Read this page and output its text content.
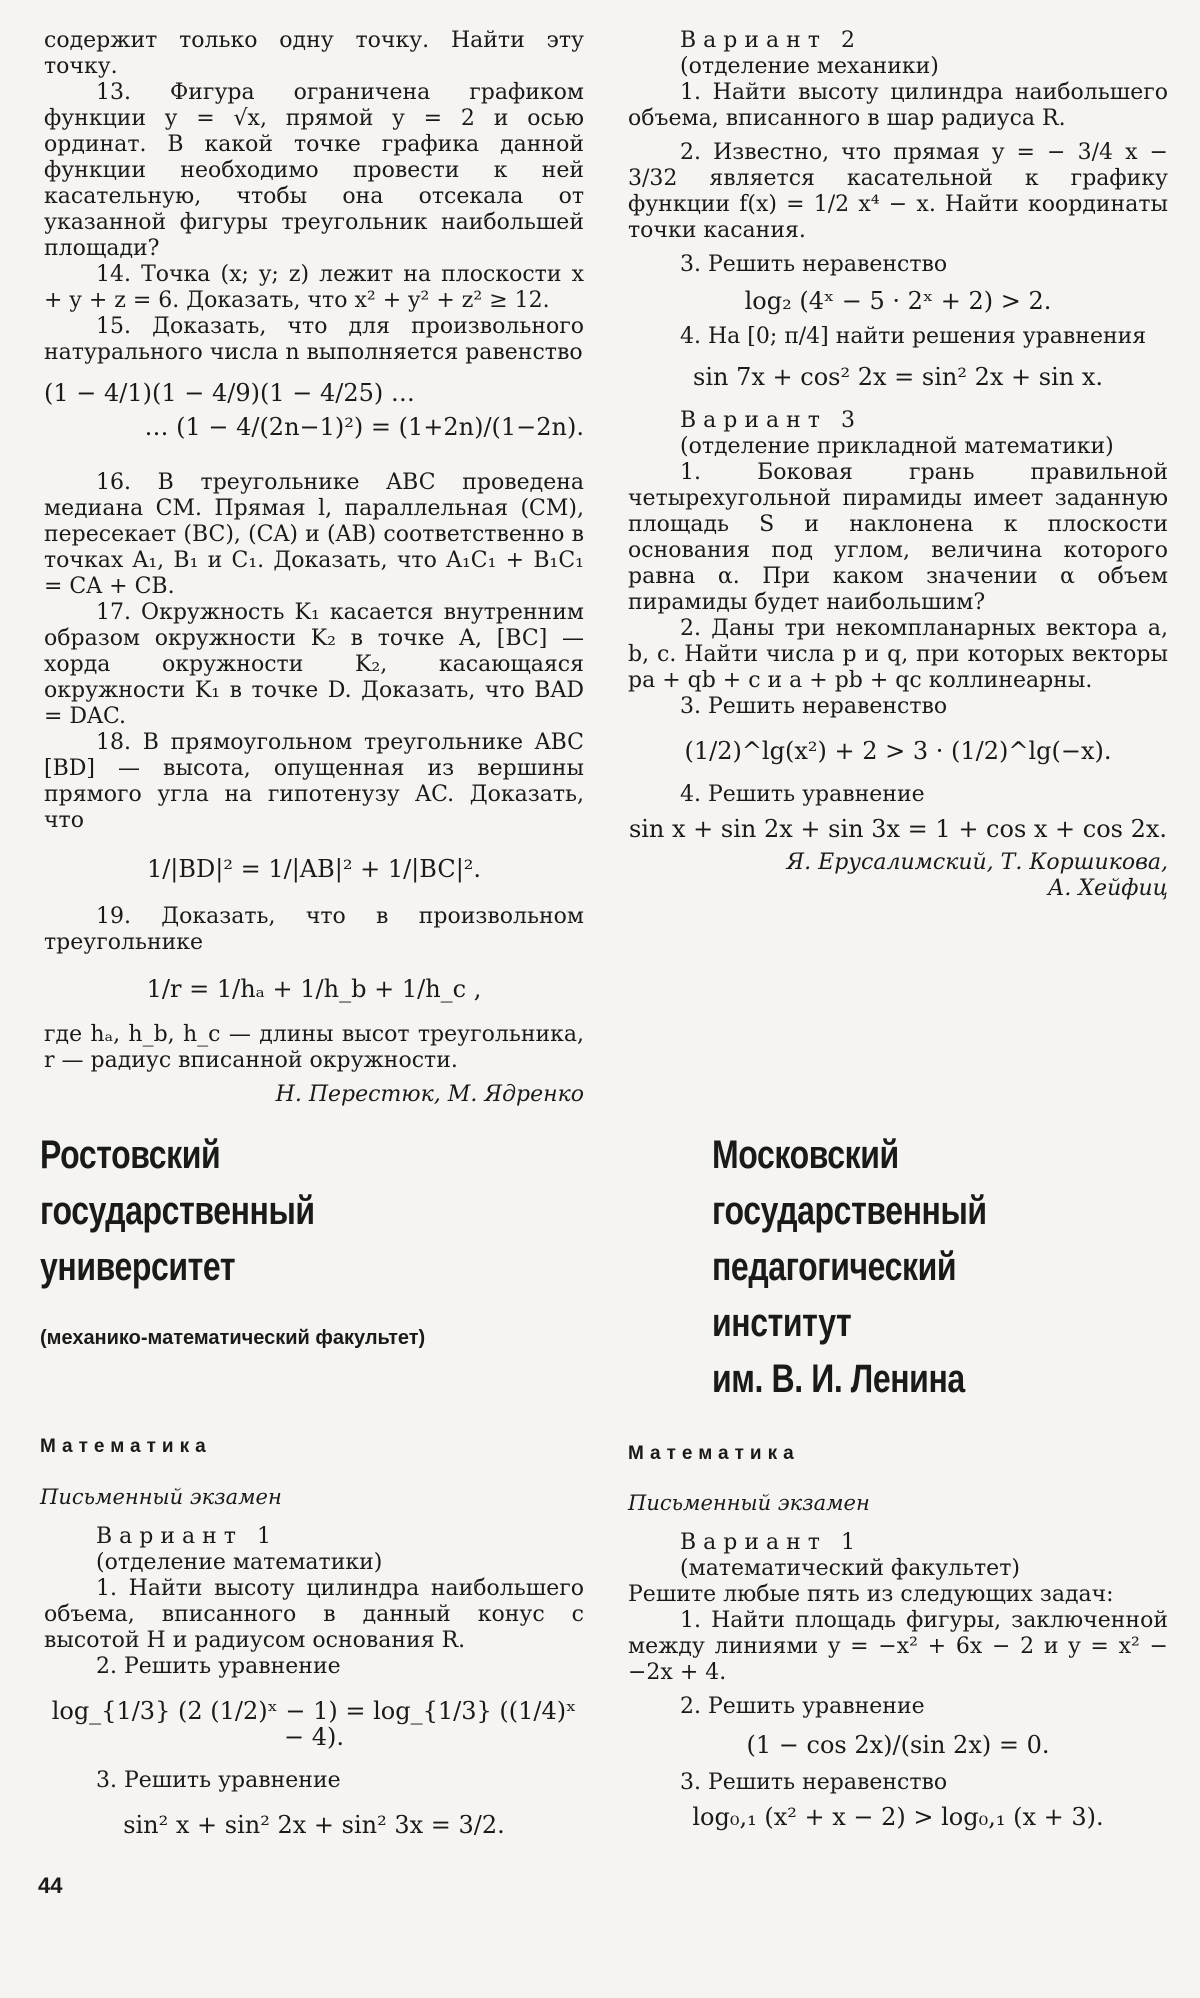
содержит только одну точку. Найти эту точку.

13. Фигура ограничена графиком функции y = √x, прямой y = 2 и осью ординат. В какой точке графика данной функции необходимо провести к ней касательную, чтобы она отсекала от указанной фигуры треугольник наибольшей площади?

14. Точка (x; y; z) лежит на плоскости x + y + z = 6. Доказать, что x² + y² + z² ≥ 12.

15. Доказать, что для произвольного натурального числа n выполняется равенство

(1 − 4/1)(1 − 4/9)(1 − 4/25) …
… (1 − 4/(2n−1)²) = (1+2n)/(1−2n).

16. В треугольнике ABC проведена медиана CM. Прямая l, параллельная (CM), пересекает (BC), (CA) и (AB) соответственно в точках A₁, B₁ и C₁. Доказать, что A₁C₁ + B₁C₁ = CA + CB.

17. Окружность K₁ касается внутренним образом окружности K₂ в точке A, [BC] — хорда окружности K₂, касающаяся окружности K₁ в точке D. Доказать, что BAD = DAC.

18. В прямоугольном треугольнике ABC [BD] — высота, опущенная из вершины прямого угла на гипотенузу AC. Доказать, что

1/|BD|² = 1/|AB|² + 1/|BC|².

19. Доказать, что в произвольном треугольнике

1/r = 1/hₐ + 1/h_b + 1/h_c ,

где hₐ, h_b, h_c — длины высот треугольника, r — радиус вписанной окружности.

Н. Перестюк, М. Ядренко
Вариант 2
(отделение механики)

1. Найти высоту цилиндра наибольшего объема, вписанного в шар радиуса R.

2. Известно, что прямая y = − 3/4 x − 3/32 является касательной к графику функции f(x) = 1/2 x⁴ − x. Найти координаты точки касания.

3. Решить неравенство

log₂ (4ˣ − 5 · 2ˣ + 2) > 2.

4. На [0; π/4] найти решения уравнения

sin 7x + cos² 2x = sin² 2x + sin x.
Вариант 3
(отделение прикладной математики)

1. Боковая грань правильной четырехугольной пирамиды имеет заданную площадь S и наклонена к плоскости основания под углом, величина которого равна α. При каком значении α объем пирамиды будет наибольшим?

2. Даны три некомпланарных вектора a, b, c. Найти числа p и q, при которых векторы pa + qb + c и a + pb + qc коллинеарны.

3. Решить неравенство

(1/2)^lg(x²) + 2 > 3 · (1/2)^lg(−x).

4. Решить уравнение

sin x + sin 2x + sin 3x = 1 + cos x + cos 2x.
Я. Ерусалимский, Т. Коршикова,
А. Хейфиц
Ростовский
государственный
университет
(механико-математический факультет)
Математика
Письменный экзамен
Вариант 1
(отделение математики)

1. Найти высоту цилиндра наибольшего объема, вписанного в данный конус с высотой H и радиусом основания R.

2. Решить уравнение

log_{1/3} (2 (1/2)ˣ − 1) = log_{1/3} ((1/4)ˣ − 4).

3. Решить уравнение

sin² x + sin² 2x + sin² 3x = 3/2.
Московский
государственный
педагогический институт
им. В. И. Ленина
Математика
Письменный экзамен
Вариант 1
(математический факультет)

Решите любые пять из следующих задач:

1. Найти площадь фигуры, заключенной между линиями y = −x² + 6x − 2 и y = x² − −2x + 4.

2. Решить уравнение

(1 − cos 2x)/(sin 2x) = 0.

3. Решить неравенство

log₀,₁ (x² + x − 2) > log₀,₁ (x + 3).
44
